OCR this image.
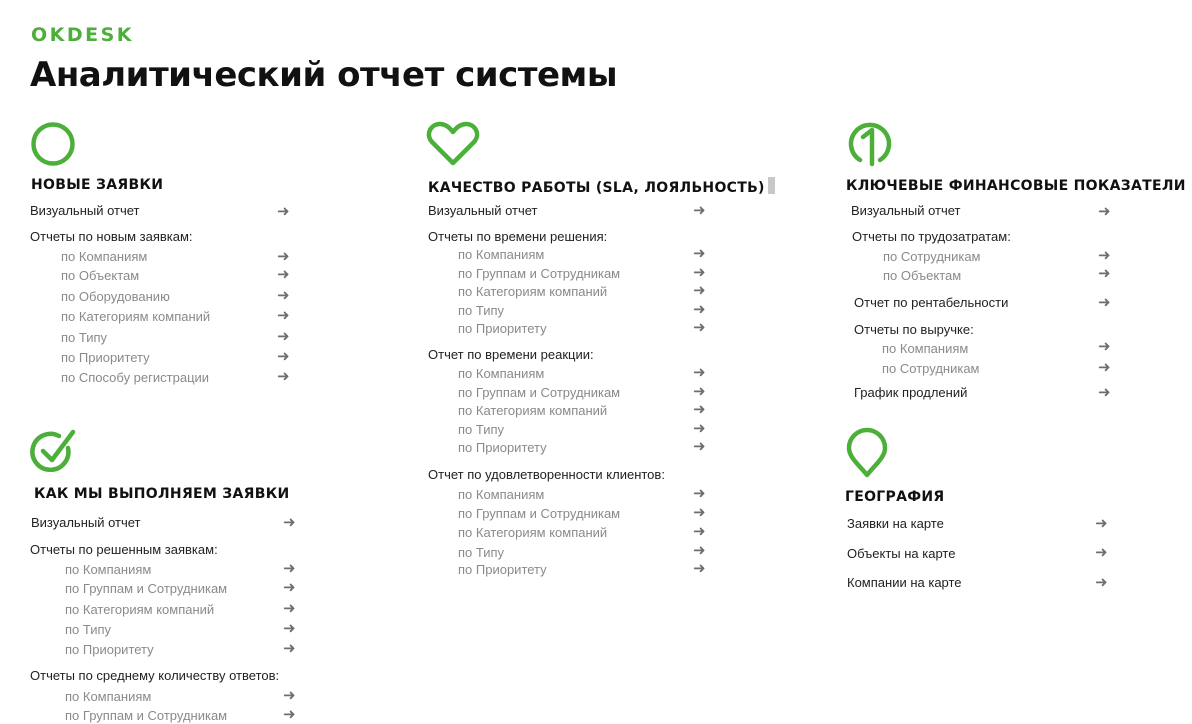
OKDESK
Аналитический отчет системы
НОВЫЕ ЗАЯВКИ
Визуальный отчет	➜
Отчеты по новым заявкам:
по Компаниям	➜
по Объектам	➜
по Оборудованию	➜
по Категориям компаний	➜
по Типу	➜
по Приоритету	➜
по Способу регистрации	➜
КАК МЫ ВЫПОЛНЯЕМ ЗАЯВКИ
Визуальный отчет	➜
Отчеты по решенным заявкам:
по Компаниям	➜
по Группам и Сотрудникам	➜
по Категориям компаний	➜
по Типу	➜
по Приоритету	➜
Отчеты по среднему количеству ответов:
по Компаниям	➜
по Группам и Сотрудникам	➜
КАЧЕСТВО РАБОТЫ (SLA, ЛОЯЛЬНОСТЬ)
Визуальный отчет	➜
Отчеты по времени решения:
по Компаниям	➜
по Группам и Сотрудникам	➜
по Категориям компаний	➜
по Типу	➜
по Приоритету	➜
Отчет по времени реакции:
по Компаниям	➜
по Группам и Сотрудникам	➜
по Категориям компаний	➜
по Типу	➜
по Приоритету	➜
Отчет по удовлетворенности клиентов:
по Компаниям	➜
по Группам и Сотрудникам	➜
по Категориям компаний	➜
по Типу	➜
по Приоритету	➜
КЛЮЧЕВЫЕ ФИНАНСОВЫЕ ПОКАЗАТЕЛИ
Визуальный отчет	➜
Отчеты по трудозатратам:
по Сотрудникам	➜
по Объектам	➜
Отчет по рентабельности	➜
Отчеты по выручке:
по Компаниям	➜
по Сотрудникам	➜
График продлений	➜
ГЕОГРАФИЯ
Заявки на карте	➜
Объекты на карте	➜
Компании на карте	➜
